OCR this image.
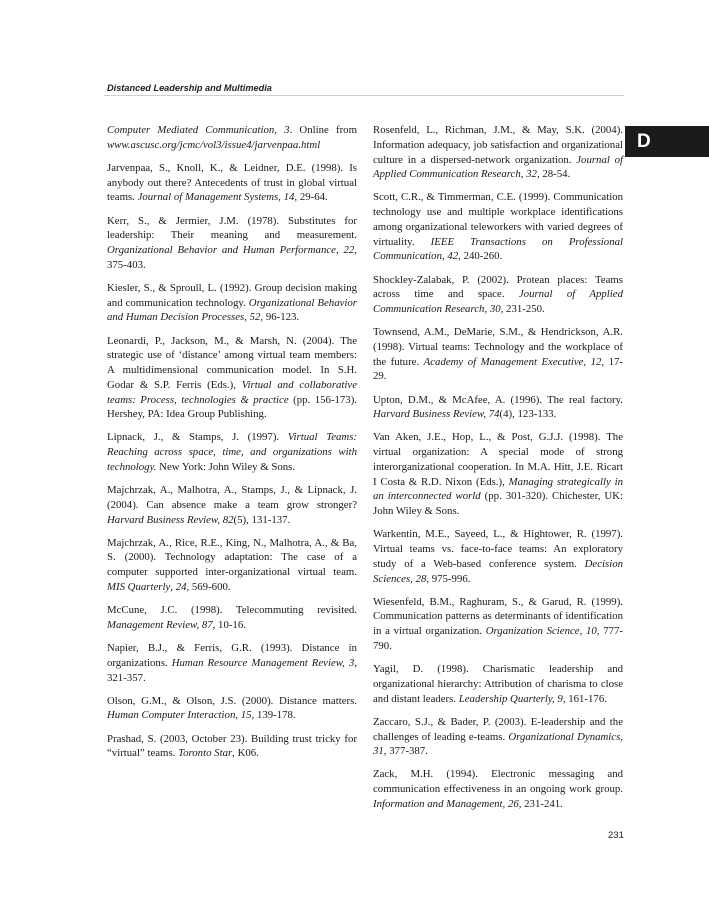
Distanced Leadership and Multimedia
D

Computer Mediated Communication, 3. Online from www.ascusc.org/jcmc/vol3/issue4/jarvenpaa.html

Jarvenpaa, S., Knoll, K., & Leidner, D.E. (1998). Is anybody out there? Antecedents of trust in global virtual teams. Journal of Management Systems, 14, 29-64.

Kerr, S., & Jermier, J.M. (1978). Substitutes for leadership: Their meaning and measurement. Organizational Behavior and Human Performance, 22, 375-403.

Kiesler, S., & Sproull, L. (1992). Group decision making and communication technology. Organizational Behavior and Human Decision Processes, 52, 96-123.

Leonardi, P., Jackson, M., & Marsh, N. (2004). The strategic use of ‘distance’ among virtual team members: A multidimensional communication model. In S.H. Godar & S.P. Ferris (Eds.), Virtual and collaborative teams: Process, technologies & practice (pp. 156-173). Hershey, PA: Idea Group Publishing.

Lipnack, J., & Stamps, J. (1997). Virtual Teams: Reaching across space, time, and organizations with technology. New York: John Wiley & Sons.

Majchrzak, A., Malhotra, A., Stamps, J., & Lipnack, J. (2004). Can absence make a team grow stronger? Harvard Business Review, 82(5), 131-137.

Majchrzak, A., Rice, R.E., King, N., Malhotra, A., & Ba, S. (2000). Technology adaptation: The case of a computer supported inter-organizational virtual team. MIS Quarterly, 24, 569-600.

McCune, J.C. (1998). Telecommuting revisited. Management Review, 87, 10-16.

Napier, B.J., & Ferris, G.R. (1993). Distance in organizations. Human Resource Management Review, 3, 321-357.

Olson, G.M., & Olson, J.S. (2000). Distance matters. Human Computer Interaction, 15, 139-178.

Prashad, S. (2003, October 23). Building trust tricky for “virtual” teams. Toronto Star, K06.

Rosenfeld, L., Richman, J.M., & May, S.K. (2004). Information adequacy, job satisfaction and organizational culture in a dispersed-network organization. Journal of Applied Communication Research, 32, 28-54.

Scott, C.R., & Timmerman, C.E. (1999). Communication technology use and multiple workplace identifications among organizational teleworkers with varied degrees of virtuality. IEEE Transactions on Professional Communication, 42, 240-260.

Shockley-Zalabak, P. (2002). Protean places: Teams across time and space. Journal of Applied Communication Research, 30, 231-250.

Townsend, A.M., DeMarie, S.M., & Hendrickson, A.R. (1998). Virtual teams: Technology and the workplace of the future. Academy of Management Executive, 12, 17-29.

Upton, D.M., & McAfee, A. (1996). The real factory. Harvard Business Review, 74(4), 123-133.

Van Aken, J.E., Hop, L., & Post, G.J.J. (1998). The virtual organization: A special mode of strong interorganizational cooperation. In M.A. Hitt, J.E. Ricart I Costa & R.D. Nixon (Eds.), Managing strategically in an interconnected world (pp. 301-320). Chichester, UK: John Wiley & Sons.

Warkentin, M.E., Sayeed, L., & Hightower, R. (1997). Virtual teams vs. face-to-face teams: An exploratory study of a Web-based conference system. Decision Sciences, 28, 975-996.

Wiesenfeld, B.M., Raghuram, S., & Garud, R. (1999). Communication patterns as determinants of identification in a virtual organization. Organization Science, 10, 777-790.

Yagil, D. (1998). Charismatic leadership and organizational hierarchy: Attribution of charisma to close and distant leaders. Leadership Quarterly, 9, 161-176.

Zaccaro, S.J., & Bader, P. (2003). E-leadership and the challenges of leading e-teams. Organizational Dynamics, 31, 377-387.

Zack, M.H. (1994). Electronic messaging and communication effectiveness in an ongoing work group. Information and Management, 26, 231-241.

231
